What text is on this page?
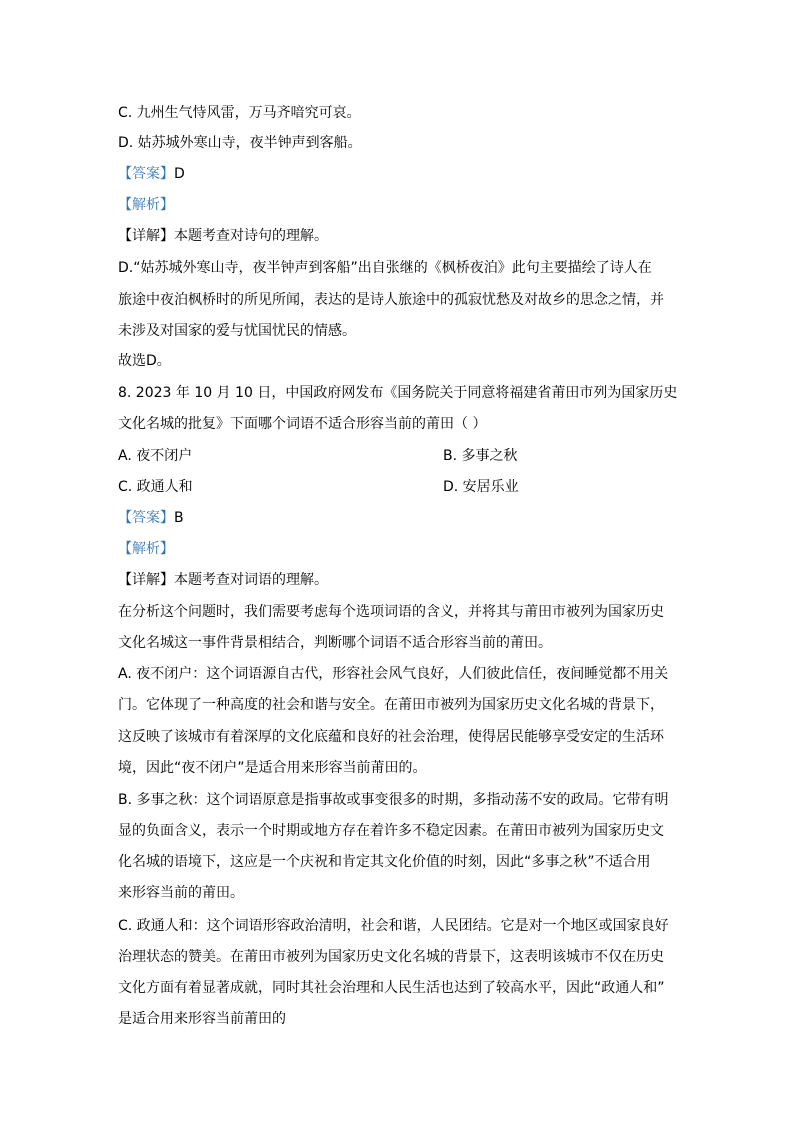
C. 九州生气恃风雷，万马齐喑究可哀。
D. 姑苏城外寒山寺，夜半钟声到客船。
【答案】D
【解析】
【详解】本题考查对诗句的理解。
D.“姑苏城外寒山寺，夜半钟声到客船”出自张继的《枫桥夜泊》此句主要描绘了诗人在
旅途中夜泊枫桥时的所见所闻，表达的是诗人旅途中的孤寂忧愁及对故乡的思念之情，并
未涉及对国家的爱与忧国忧民的情感。
故选D。
8. 2023 年 10 月 10 日，中国政府网发布《国务院关于同意将福建省莆田市列为国家历史
文化名城的批复》下面哪个词语不适合形容当前的莆田（ ）
A. 夜不闭户	B. 多事之秋
C. 政通人和	D. 安居乐业
【答案】B
【解析】
【详解】本题考查对词语的理解。
在分析这个问题时，我们需要考虑每个选项词语的含义，并将其与莆田市被列为国家历史
文化名城这一事件背景相结合，判断哪个词语不适合形容当前的莆田。
A. 夜不闭户：这个词语源自古代，形容社会风气良好，人们彼此信任，夜间睡觉都不用关
门。它体现了一种高度的社会和谐与安全。在莆田市被列为国家历史文化名城的背景下，
这反映了该城市有着深厚的文化底蕴和良好的社会治理，使得居民能够享受安定的生活环
境，因此“夜不闭户”是适合用来形容当前莆田的。
B. 多事之秋：这个词语原意是指事故或事变很多的时期，多指动荡不安的政局。它带有明
显的负面含义，表示一个时期或地方存在着许多不稳定因素。在莆田市被列为国家历史文
化名城的语境下，这应是一个庆祝和肯定其文化价值的时刻，因此“多事之秋”不适合用
来形容当前的莆田。
C. 政通人和：这个词语形容政治清明，社会和谐，人民团结。它是对一个地区或国家良好
治理状态的赞美。在莆田市被列为国家历史文化名城的背景下，这表明该城市不仅在历史
文化方面有着显著成就，同时其社会治理和人民生活也达到了较高水平，因此“政通人和”
是适合用来形容当前莆田的
